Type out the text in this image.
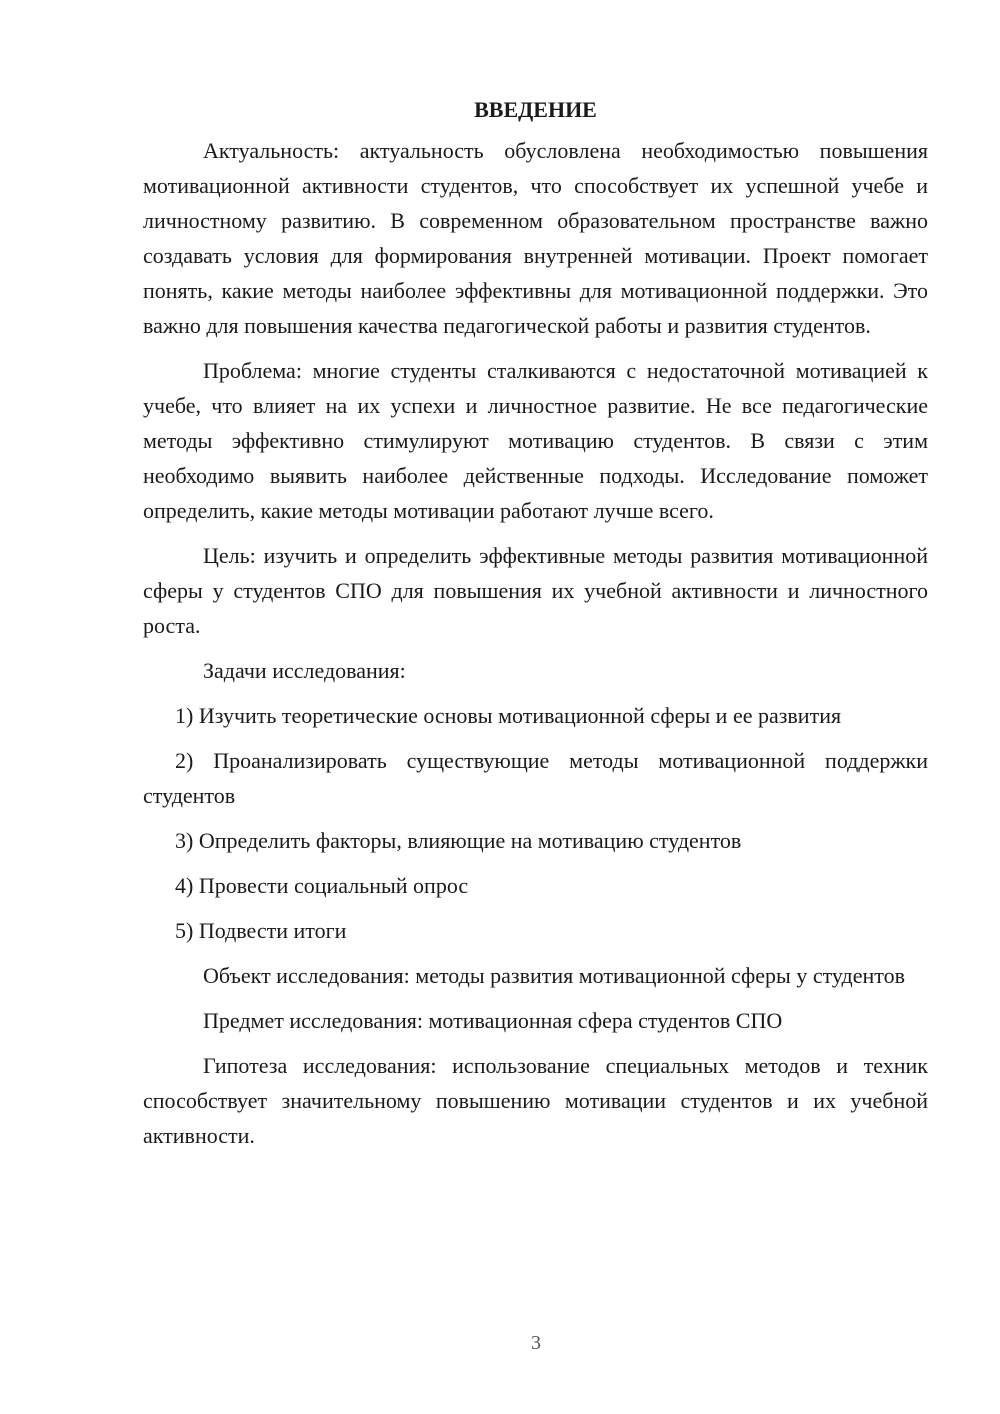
ВВЕДЕНИЕ

Актуальность: актуальность обусловлена необходимостью повышения мотивационной активности студентов, что способствует их успешной учебе и личностному развитию. В современном образовательном пространстве важно создавать условия для формирования внутренней мотивации. Проект помогает понять, какие методы наиболее эффективны для мотивационной поддержки. Это важно для повышения качества педагогической работы и развития студентов.

Проблема: многие студенты сталкиваются с недостаточной мотивацией к учебе, что влияет на их успехи и личностное развитие. Не все педагогические методы эффективно стимулируют мотивацию студентов. В связи с этим необходимо выявить наиболее действенные подходы. Исследование поможет определить, какие методы мотивации работают лучше всего.

Цель: изучить и определить эффективные методы развития мотивационной сферы у студентов СПО для повышения их учебной активности и личностного роста.

Задачи исследования:

1) Изучить теоретические основы мотивационной сферы и ее развития

2) Проанализировать существующие методы мотивационной поддержки студентов

3) Определить факторы, влияющие на мотивацию студентов

4) Провести социальный опрос

5) Подвести итоги

Объект исследования: методы развития мотивационной сферы у студентов

Предмет исследования: мотивационная сфера студентов СПО

Гипотеза исследования: использование специальных методов и техник способствует значительному повышению мотивации студентов и их учебной активности.

3
